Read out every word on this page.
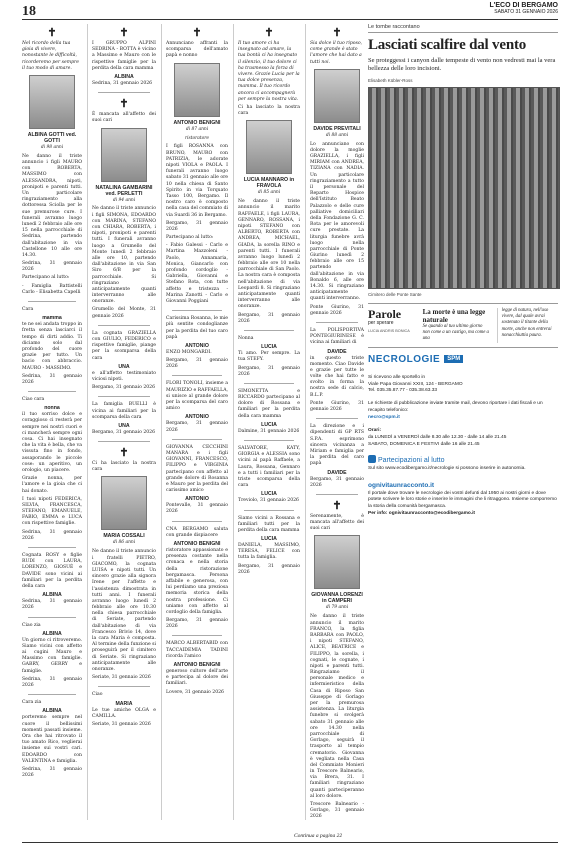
18	L'ECO DI BERGAMO
SABATO 31 GENNAIO 2026
✝

Nel ricordo della tua gioia di vivere, nonostante le difficoltà, ricorderemo per sempre il tuo modo di amare.

ALBINA GOTTI ved. GOTTI
di 98 anni

Ne danno il triste annuncio i figli MAURO con ROBERTA, MASSIMO con ALESSANDRA, nipoti, pronipoti e parenti tutti. Un particolare ringraziamento alla dottoressa Sciolla per le sue premurose cure. I funerali avranno luogo lunedì 2 febbraio alle ore 15 nella parrocchiale di Sedrina, partendo dall'abitazione in via Castellone 10 alle ore 14.30.

Sedrina, 31 gennaio 2026

Partecipano al lutto:

- Famiglia Battistelli Carlo - Elisabetta Capelli

Cara

mamma

te ne sei andata troppo in fretta senza lasciarci il tempo di dirti addio. Ti diciamo solo dal profondo del cuore grazie per tutto. Un bacio con abbraccio. MAURO - MASSIMO.

Sedrina, 31 gennaio 2026

Ciao cara

nonna

il tuo sorriso dolce e coraggioso ci resterà per sempre nei nostri cuori e ci mancherà sempre ogni cosa. Ci hai insegnato che la vita è bella, che va vissuta fino in fondo, assaporando le piccole cose: un aperitivo, un orologio, un piacere.

Grazie nonna, per l'amore e la gioia che ci hai donato.

I tuoi nipoti FEDERICA, SILVIA, FRANCESCA, STEFANO, EMANUELE, FABIO, EMMA e LUCA con rispettive famiglie.

Sedrina, 31 gennaio 2026

Cognata ROSY e figlie RUDI con LAURA, LORENZO, GIOSUÈ e DAVIDE sono vicini ai familiari per la perdita della cara

ALBINA

Sedrina, 31 gennaio 2026

Ciao zia

ALBINA

Un giorno ci ritroveremo. Siamo vicini con affetto ai cugini Mauro e Massimo con famiglie. GABRY, GERRY e famiglie.

Sedrina, 31 gennaio 2026

Cara zia

ALBINA

porteremo sempre nel cuore il bellissimi momenti passati insieme. Ora che hai ritrovato il tuo amato Rico, veglierai insieme sui vostri cari. EDOARDO con VALENTINA e famiglia.

Sedrina, 31 gennaio 2026

✝

I GRUPPO ALPINI SEDRINA - BOTTA è vicino a Massimo e Mauro con le rispettive famiglie per la perdita della cara mamma

ALBINA

Sedrina, 31 gennaio 2026

✝

È mancata all'affetto dei suoi cari

NATALINA GAMBARINI ved. PERLETTI
di 94 anni

Ne danno il triste annuncio i figli SIMONA, EDOARDO con MARINA, STEFANO con CHIARA, ROBERTA, i nipoti, pronipoti e parenti tutti. I funerali avranno luogo a Grumello del Monte lunedì 2 febbraio alle ore 10, partendo dall'abitazione in via San Siro 6/B per la parrocchiale. Si ringraziano anticipatamente quanti interverranno alle onoranze.

Grumello del Monte, 31 gennaio 2026

La cognata GRAZIELLA con GIULIO, FEDERICO e rispettive famiglie, piange per la scomparsa della cara

UNA

e all'affetto testimoniato viciosi nipoti.

Bergamo, 31 gennaio 2026

La famiglia BUELLI è vicina ai familiari per la scomparsa della cara

UNA

Bergamo, 31 gennaio 2026

✝

Ci ha lasciato la nostra cara

MARIA COSSALI
di 86 anni

Ne danno il triste annuncio i fratelli PIETRO, GIACOMO, la cognata LUISA e nipoti tutti. Un sincero grazie alla signora Irene per l'affetto e l'assistenza dimostrata in tutti anni. I funerali avranno luogo lunedì 2 febbraio alle ore 10.30 nella chiesa parrocchiale di Seriate, partendo dall'abitazione di via Francesco Brivio 14, dove la cara Maria è composta. Al termine della funzione si proseguirà per il cimitero di Seriate. Si ringraziano anticipatamente alle onoranze.

Seriate, 31 gennaio 2026

Ciao

MARIA

Le tue amiche OLGA e CAMILLA.

Seriate, 31 gennaio 2026

✝

Annunciano affranti la scomparsa dell'amato papà e nonno

ANTONIO BENIGNI
di 87 anni
ristoratore

I figli ROSANNA con BRUNO, MAURO con PATRIZIA, le adorate nipoti VIOLA e PAOLA. I funerali avranno luogo sabato 31 gennaio alle ore 10 nella chiesa di Santo Spirito in via Torquato Tasso 100, Bergamo. Il nostro caro è composto nella casa del commiato di via Suardi 36 in Bergamo.

Bergamo, 31 gennaio 2026

Partecipano al lutto:

- Fabio Galessi - Carlo e Martina Mazzoleni - Paolo, Annamaria, Monica, Giancarlo con profondo cordoglio - Gabriella, Giovanni e Stefano Rota, con tutte affetto e tristezza - Marina Zanotti - Carlo e Giovanni Poggiani

Carissima Rosanna, le mie più sentite condoglianze per la perdita del tuo caro papà

ANTONIO

ENZO MONGARDI.

Bergamo, 31 gennaio 2026

FLORI TONOLI, insieme a MAURIZIO e RAFFAELLA, si unisce al grande dolore per la scomparsa del caro amico

ANTONIO

Bergamo, 31 gennaio 2026

GIOVANNA CECCHINI MANARA e i figli GIOVANNI, FRANCESCO, FILIPPO e VIRGINIA partecipano con affetto al grande dolore di Rosanna e Mauro per la perdita del carissimo amico

ANTONIO

Pontevalle, 31 gennaio 2026

CNA BERGAMO saluta con grande dispiacere

ANTONIO BENIGNI

ristoratore appassionato e presenza costante nella cronaca e nella storia della ristorazione bergamasca. Persona affabile e generosa, con lui perdiamo una preziosa memoria storica della nostra professione. Ci uniamo con affetto al cordoglio della famiglia.

Bergamo, 31 gennaio 2026

MARCO ALBERTABID con TACCAIDEMIA TADINI ricorda l'amico

ANTONIO BENIGNI

generoso cultore dell'arte e partecipa al dolore dei familiari.

Lovere, 31 gennaio 2026

✝

Il tuo amore ci ha insegnato ad amare, la tua bontà ci ha insegnato il silenzio, il tuo dolore ci ha trasmesso la forza di vivere. Grazie Lucia per la tua dolce presenza, mamma. Il tuo ricordo ancora ci accompagnerà per sempre la nostra vita.

Ci ha lasciato la nostra cara

LUCIA MANNARO in FRAVOLA
di 85 anni

Ne danno il triste annuncio il marito RAFFAELE, i figli LAURA, GENNARO, ROSSANA, i nipoti STEFANO con ALBERTO, ROBERTA con ANDREA, MICHAEL, GIADA, la sorella RINO e parenti tutti. I funerali avranno luogo lunedì 2 febbraio alle ore 10 nella parrocchiale di San Paolo. La nostra cara è composta nell'abitazione di via Leopardi 8. Si ringraziano anticipatamente quanti interverranno alle onoranze.

Bergamo, 31 gennaio 2026

Nonna

LUCIA

Ti amo. Per sempre. La tua STEFY.

Bergamo, 31 gennaio 2026

SIMONETTA e RICCARDO partecipano al dolore di Rossana e familiari per la perdita della cara mamma

LUCIA

Dalmine, 31 gennaio 2026

SALVATORE, KATY, GIORGIA e ALESSIA sono vicini al papà Raffaele, a Laura, Rossana, Gennaro e a tutti i familiari per la triste scomparsa della cara

LUCIA

Treviolo, 31 gennaio 2026

Siamo vicini a Rossana e familiari tutti per la perdita della cara mamma

LUCIA

DANIELA, MASSIMO, TERESA, FELICE con tutta la famiglia.

Bergamo, 31 gennaio 2026

✝

Sia dolce il tuo riposo, come grande è stato l'amore che hai dato a tutti noi.

DAVIDE PREVITALI
di 88 anni

Lo annunciano con dolore la moglie GRAZIELLA, i figli MIRIAM con ANDREA, TIZIANA con NADIA. Un particolare ringraziamento a tutto il personale del Reparto Hospice dell'Istituto Beato Palazzolo e delle cure palliative domiciliari della Fondazione G. C. Rota per le amorevoli cure prestate. La liturgia funebre avrà luogo nella parrocchiale di Ponte Giurino lunedì 2 febbraio alle ore 15 partendo dall'abitazione in via Bonaldo 6, alle ore 14.30. Si ringraziano anticipatamente quanti interverranno.

Ponte Giurino, 31 gennaio 2026

La POLISPORTIVA PONTEGIURINESE è vicina ai familiari di

DAVIDE

in questo triste momento. Ciao Davide e grazie per tutte le volte che hai fatto e svolto in forma la nostra sede di calcio, B.L.P.

Ponte Giurino, 31 gennaio 2026

La direzione e i dipendenti di GP RTS S.P.A. esprimono sincera vicinanza a Miriam e famiglia per la perdita del caro papà

DAVIDE

Bergamo, 31 gennaio 2026

✝

Serenamente, è mancata all'affetto dei suoi cari

GIOVANNA LORENZI in CAMPERI
di 79 anni

Ne danno il triste annuncio il marito FRANCO, la figlia BARBARA con PAOLO, i nipoti STEFANO, ALICE, BEATRICE e FILIPPO, la sorella, i cognati, le cognate, i nipoti e parenti tutti. Ringraziamo il personale medico e infermieristico della Casa di Riposo San Giuseppe di Gorlago per la premurosa assistenza. La liturgia funebre si svolgerà sabato 31 gennaio alle ore 14.30 nella parrocchiale di Gorlago, seguirà il trasporto al tempio crematorio. Giovanna è vegliata nella Casa del Commiato Monieri in Trescore Balneario, via Brera, 31. I familiari ringraziano quanti parteciperanno al loro dolore.

Trescore Balneario - Gorlago, 31 gennaio 2026

Le tombe raccontano
Lasciati scalfire dal vento
Se proteggessi i canyon dalle tempeste di vento non vedresti mai la vera bellezza delle loro incisioni.
Elisabeth Kübler-Ross
Cimitero delle Ponte Sante
Parole
per sperare
LUCIA ANDRIS BONICA
La morte è una legge naturale
Se quando al tuo ultimo giorno non come a un castigo, ma come a una
legge di natura, nell'uso vivere, dal quale avrai sostenuto il titante della morte, anche non entrerai nonacchiuttia paura.
NECROLOGIE	SPM
Si ricevono alle sportello in
Viale Papa Giovanni XXIII, 124 - BERGAMO
Tel. 035.35.87.77 - 035.38.63.33
Le richieste di pubblicazione inviate tramite mail, devono riportare i dati fiscali e un recapito telefonico:
necro@spm.it
Orari:
da LUNEDÌ a VENERDÌ dalle 8.30 alle 12.30 - dalle 14 alle 21.45
SABATO, DOMENICA E FESTIVI dalle 16 alle 21.45
Partecipazioni al lutto
Sul sito www.ecodibergamo.it/necrologie si possono inserire in autonomia.
ognivitaunracconto.it
Il portale dove trovare le necrologie dei vostri defunti dal 1950 ai nostri giorni e dove potete scrivere le loro storie e inserire le immagini che li ritraggono. Insieme comporremo la storia della comunità bergamasca.
Per info: ognivitaunracconto@ecodibergamo.it
Continua a pagina 22
